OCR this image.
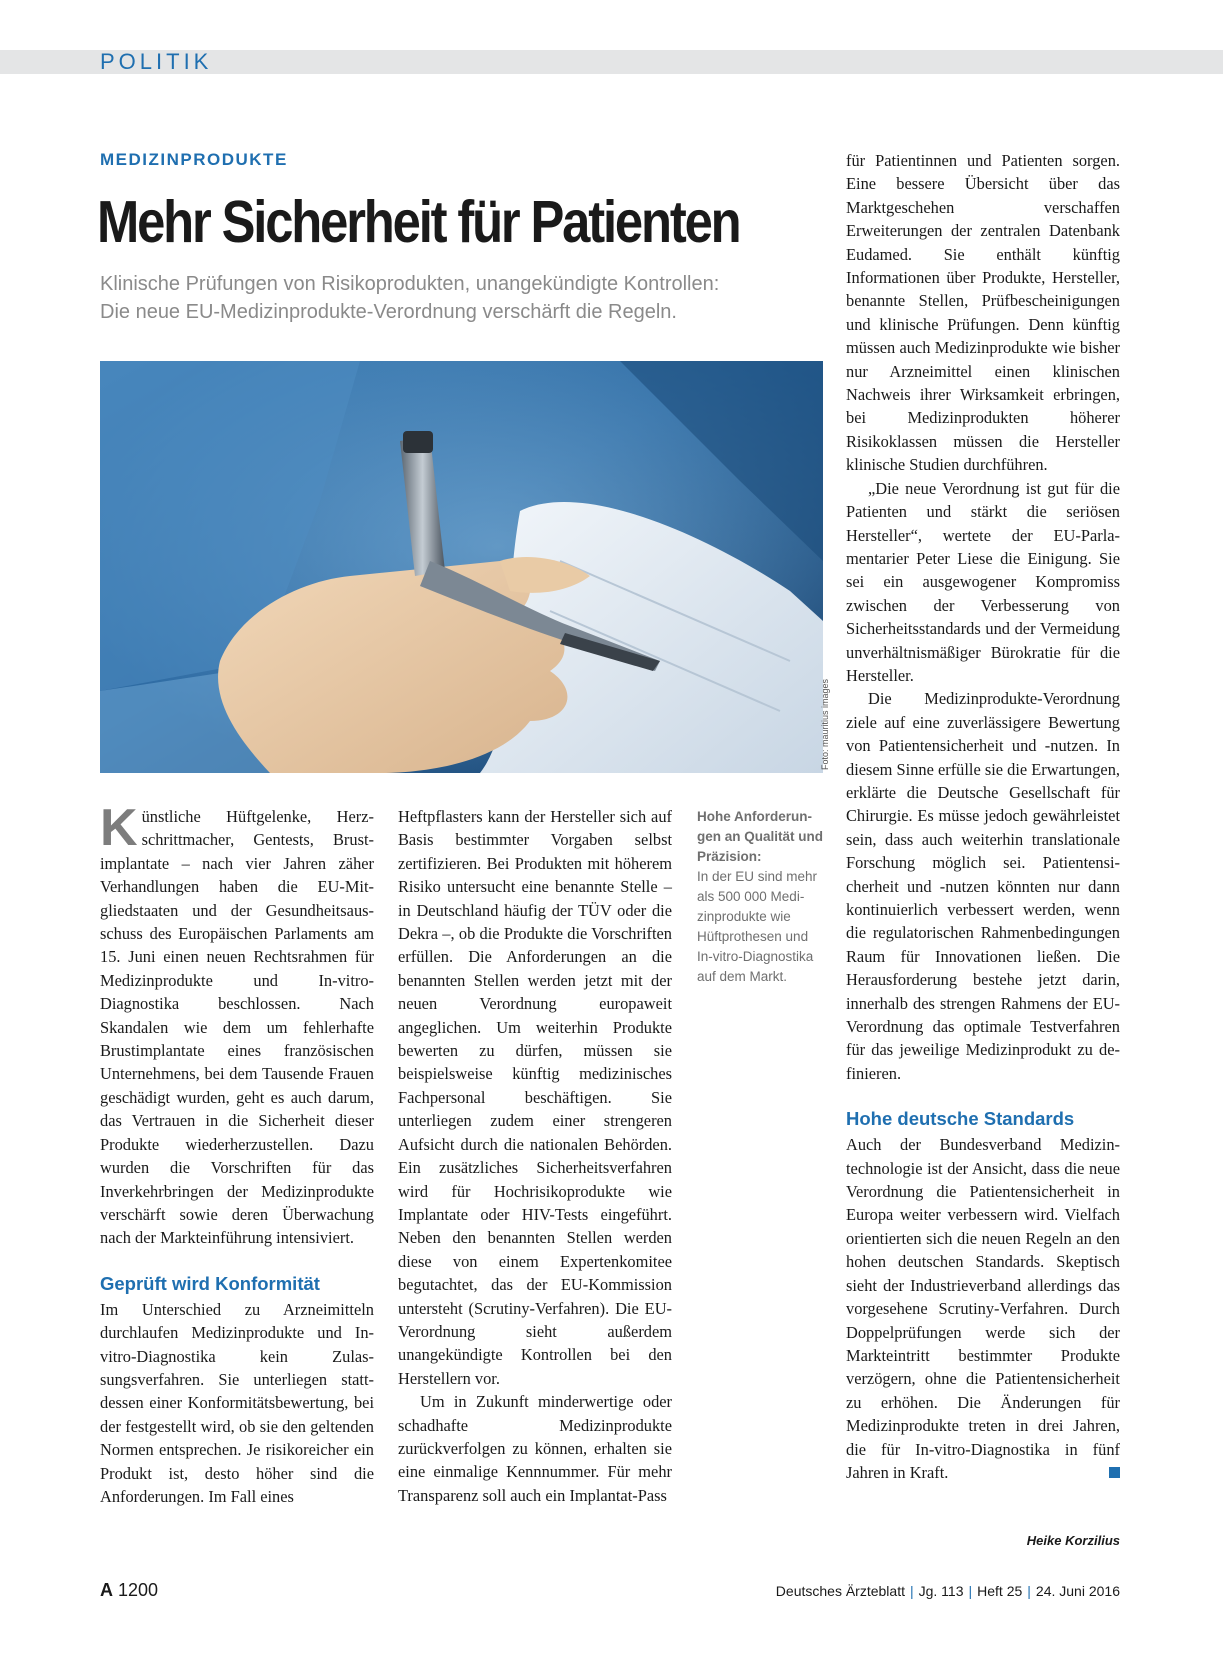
POLITIK
MEDIZINPRODUKTE
Mehr Sicherheit für Patienten
Klinische Prüfungen von Risikoprodukten, unangekündigte Kontrollen:
Die neue EU-Medizinprodukte-Verordnung verschärft die Regeln.
Foto: mauritius images

Künstliche Hüftgelenke, Herzschrittmacher, Gentests, Brustimplantate – nach vier Jahren zäher Verhandlungen haben die EU-Mitgliedstaaten und der Gesundheitsausschuss des Europäischen Parlaments am 15. Juni einen neuen Rechtsrahmen für Medizinprodukte und In-vitro-Diagnostika beschlossen. Nach Skandalen wie dem um fehlerhafte Brustimplantate eines französischen Unternehmens, bei dem Tausende Frauen geschädigt wurden, geht es auch darum, das Vertrauen in die Sicherheit dieser Produkte wiederherzustellen. Dazu wurden die Vorschriften für das Inverkehrbringen der Medizinprodukte verschärft sowie deren Überwachung nach der Markteinführung intensiviert.

Geprüft wird Konformität

Im Unterschied zu Arzneimitteln durchlaufen Medizinprodukte und In-vitro-Diagnostika kein Zulassungsverfahren. Sie unterliegen stattdessen einer Konformitätsbewertung, bei der festgestellt wird, ob sie den geltenden Normen entsprechen. Je risikoreicher ein Produkt ist, desto höher sind die Anforderungen. Im Fall eines

Hohe Anforderungen an Qualität und Präzision:
In der EU sind mehr als 500 000 Medizinprodukte wie Hüftprothesen und In-vitro-Diagnostika auf dem Markt.

Heftpflasters kann der Hersteller sich auf Basis bestimmter Vorgaben selbst zertifizieren. Bei Produkten mit höherem Risiko untersucht eine benannte Stelle – in Deutschland häufig der TÜV oder die Dekra –, ob die Produkte die Vorschriften erfüllen. Die Anforderungen an die benannten Stellen werden jetzt mit der neuen Verordnung europaweit angeglichen. Um weiterhin Produkte bewerten zu dürfen, müssen sie beispielsweise künftig medizinisches Fachpersonal beschäftigen. Sie unterliegen zudem einer strengeren Aufsicht durch die nationalen Behörden. Ein zusätzliches Sicherheitsverfahren wird für Hochrisikoprodukte wie Implantate oder HIV-Tests eingeführt. Neben den benannten Stellen werden diese von einem Expertenkomitee begutachtet, das der EU-Kommission untersteht (Scrutiny-Verfahren). Die EU-Verordnung sieht außerdem unangekündigte Kontrollen bei den Herstellern vor.

Um in Zukunft minderwertige oder schadhafte Medizinprodukte zurückverfolgen zu können, erhalten sie eine einmalige Kennnummer. Für mehr Transparenz soll auch ein Implantat-Pass

für Patientinnen und Patienten sorgen. Eine bessere Übersicht über das Marktgeschehen verschaffen Erweiterungen der zentralen Datenbank Eudamed. Sie enthält künftig Informationen über Produkte, Hersteller, benannte Stellen, Prüfbescheinigungen und klinische Prüfungen. Denn künftig müssen auch Medizinprodukte wie bisher nur Arzneimittel einen klinischen Nachweis ihrer Wirksamkeit erbringen, bei Medizinprodukten höherer Risikoklassen müssen die Hersteller klinische Studien durchführen.

„Die neue Verordnung ist gut für die Patienten und stärkt die seriösen Hersteller“, wertete der EU-Parlamentarier Peter Liese die Einigung. Sie sei ein ausgewogener Kompromiss zwischen der Verbesserung von Sicherheitsstandards und der Vermeidung unverhältnismäßiger Bürokratie für die Hersteller.

Die Medizinprodukte-Verordnung ziele auf eine zuverlässigere Bewertung von Patientensicherheit und -nutzen. In diesem Sinne erfülle sie die Erwartungen, erklärte die Deutsche Gesellschaft für Chirurgie. Es müsse jedoch gewährleistet sein, dass auch weiterhin translationale Forschung möglich sei. Patientensicherheit und -nutzen könnten nur dann kontinuierlich verbessert werden, wenn die regulatorischen Rahmenbedingungen Raum für Innovationen ließen. Die Herausforderung bestehe jetzt darin, innerhalb des strengen Rahmens der EU-Verordnung das optimale Testverfahren für das jeweilige Medizinprodukt zu definieren.

Hohe deutsche Standards

Auch der Bundesverband Medizintechnologie ist der Ansicht, dass die neue Verordnung die Patientensicherheit in Europa weiter verbessern wird. Vielfach orientierten sich die neuen Regeln an den hohen deutschen Standards. Skeptisch sieht der Industrieverband allerdings das vorgesehene Scrutiny-Verfahren. Durch Doppelprüfungen werde sich der Markteintritt bestimmter Produkte verzögern, ohne die Patientensicherheit zu erhöhen. Die Änderungen für Medizinprodukte treten in drei Jahren, die für In-vitro-Diagnostika in fünf Jahren in Kraft.

Heike Korzilius
A 1200	Deutsches Ärzteblatt | Jg. 113 | Heft 25 | 24. Juni 2016
